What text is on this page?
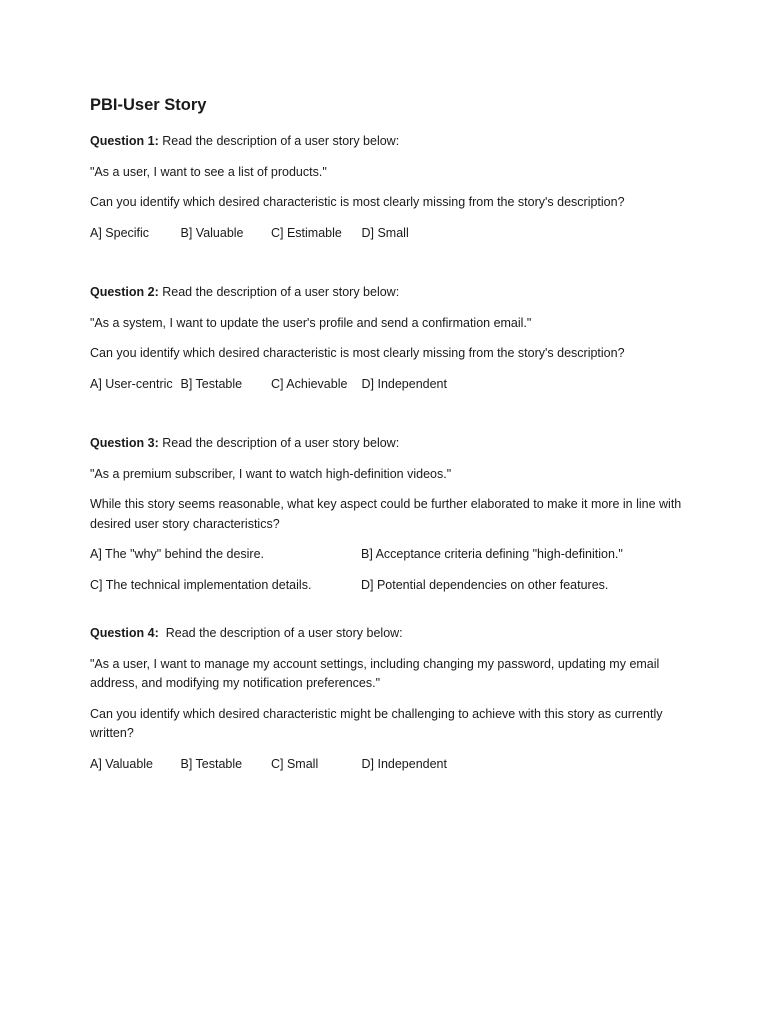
PBI-User Story

Question 1: Read the description of a user story below:

"As a user, I want to see a list of products."

Can you identify which desired characteristic is most clearly missing from the story's description?

A] Specific	B] Valuable	C] Estimable	D] Small

Question 2: Read the description of a user story below:

"As a system, I want to update the user's profile and send a confirmation email."

Can you identify which desired characteristic is most clearly missing from the story's description?

A] User-centric B] Testable	C] Achievable	D] Independent

Question 3: Read the description of a user story below:

"As a premium subscriber, I want to watch high-definition videos."

While this story seems reasonable, what key aspect could be further elaborated to make it more in line with desired user story characteristics?

A] The "why" behind the desire.	B] Acceptance criteria defining "high-definition."
C] The technical implementation details.	D] Potential dependencies on other features.

Question 4:  Read the description of a user story below:

"As a user, I want to manage my account settings, including changing my password, updating my email address, and modifying my notification preferences."

Can you identify which desired characteristic might be challenging to achieve with this story as currently written?

A] Valuable	B] Testable	C] Small	D] Independent
